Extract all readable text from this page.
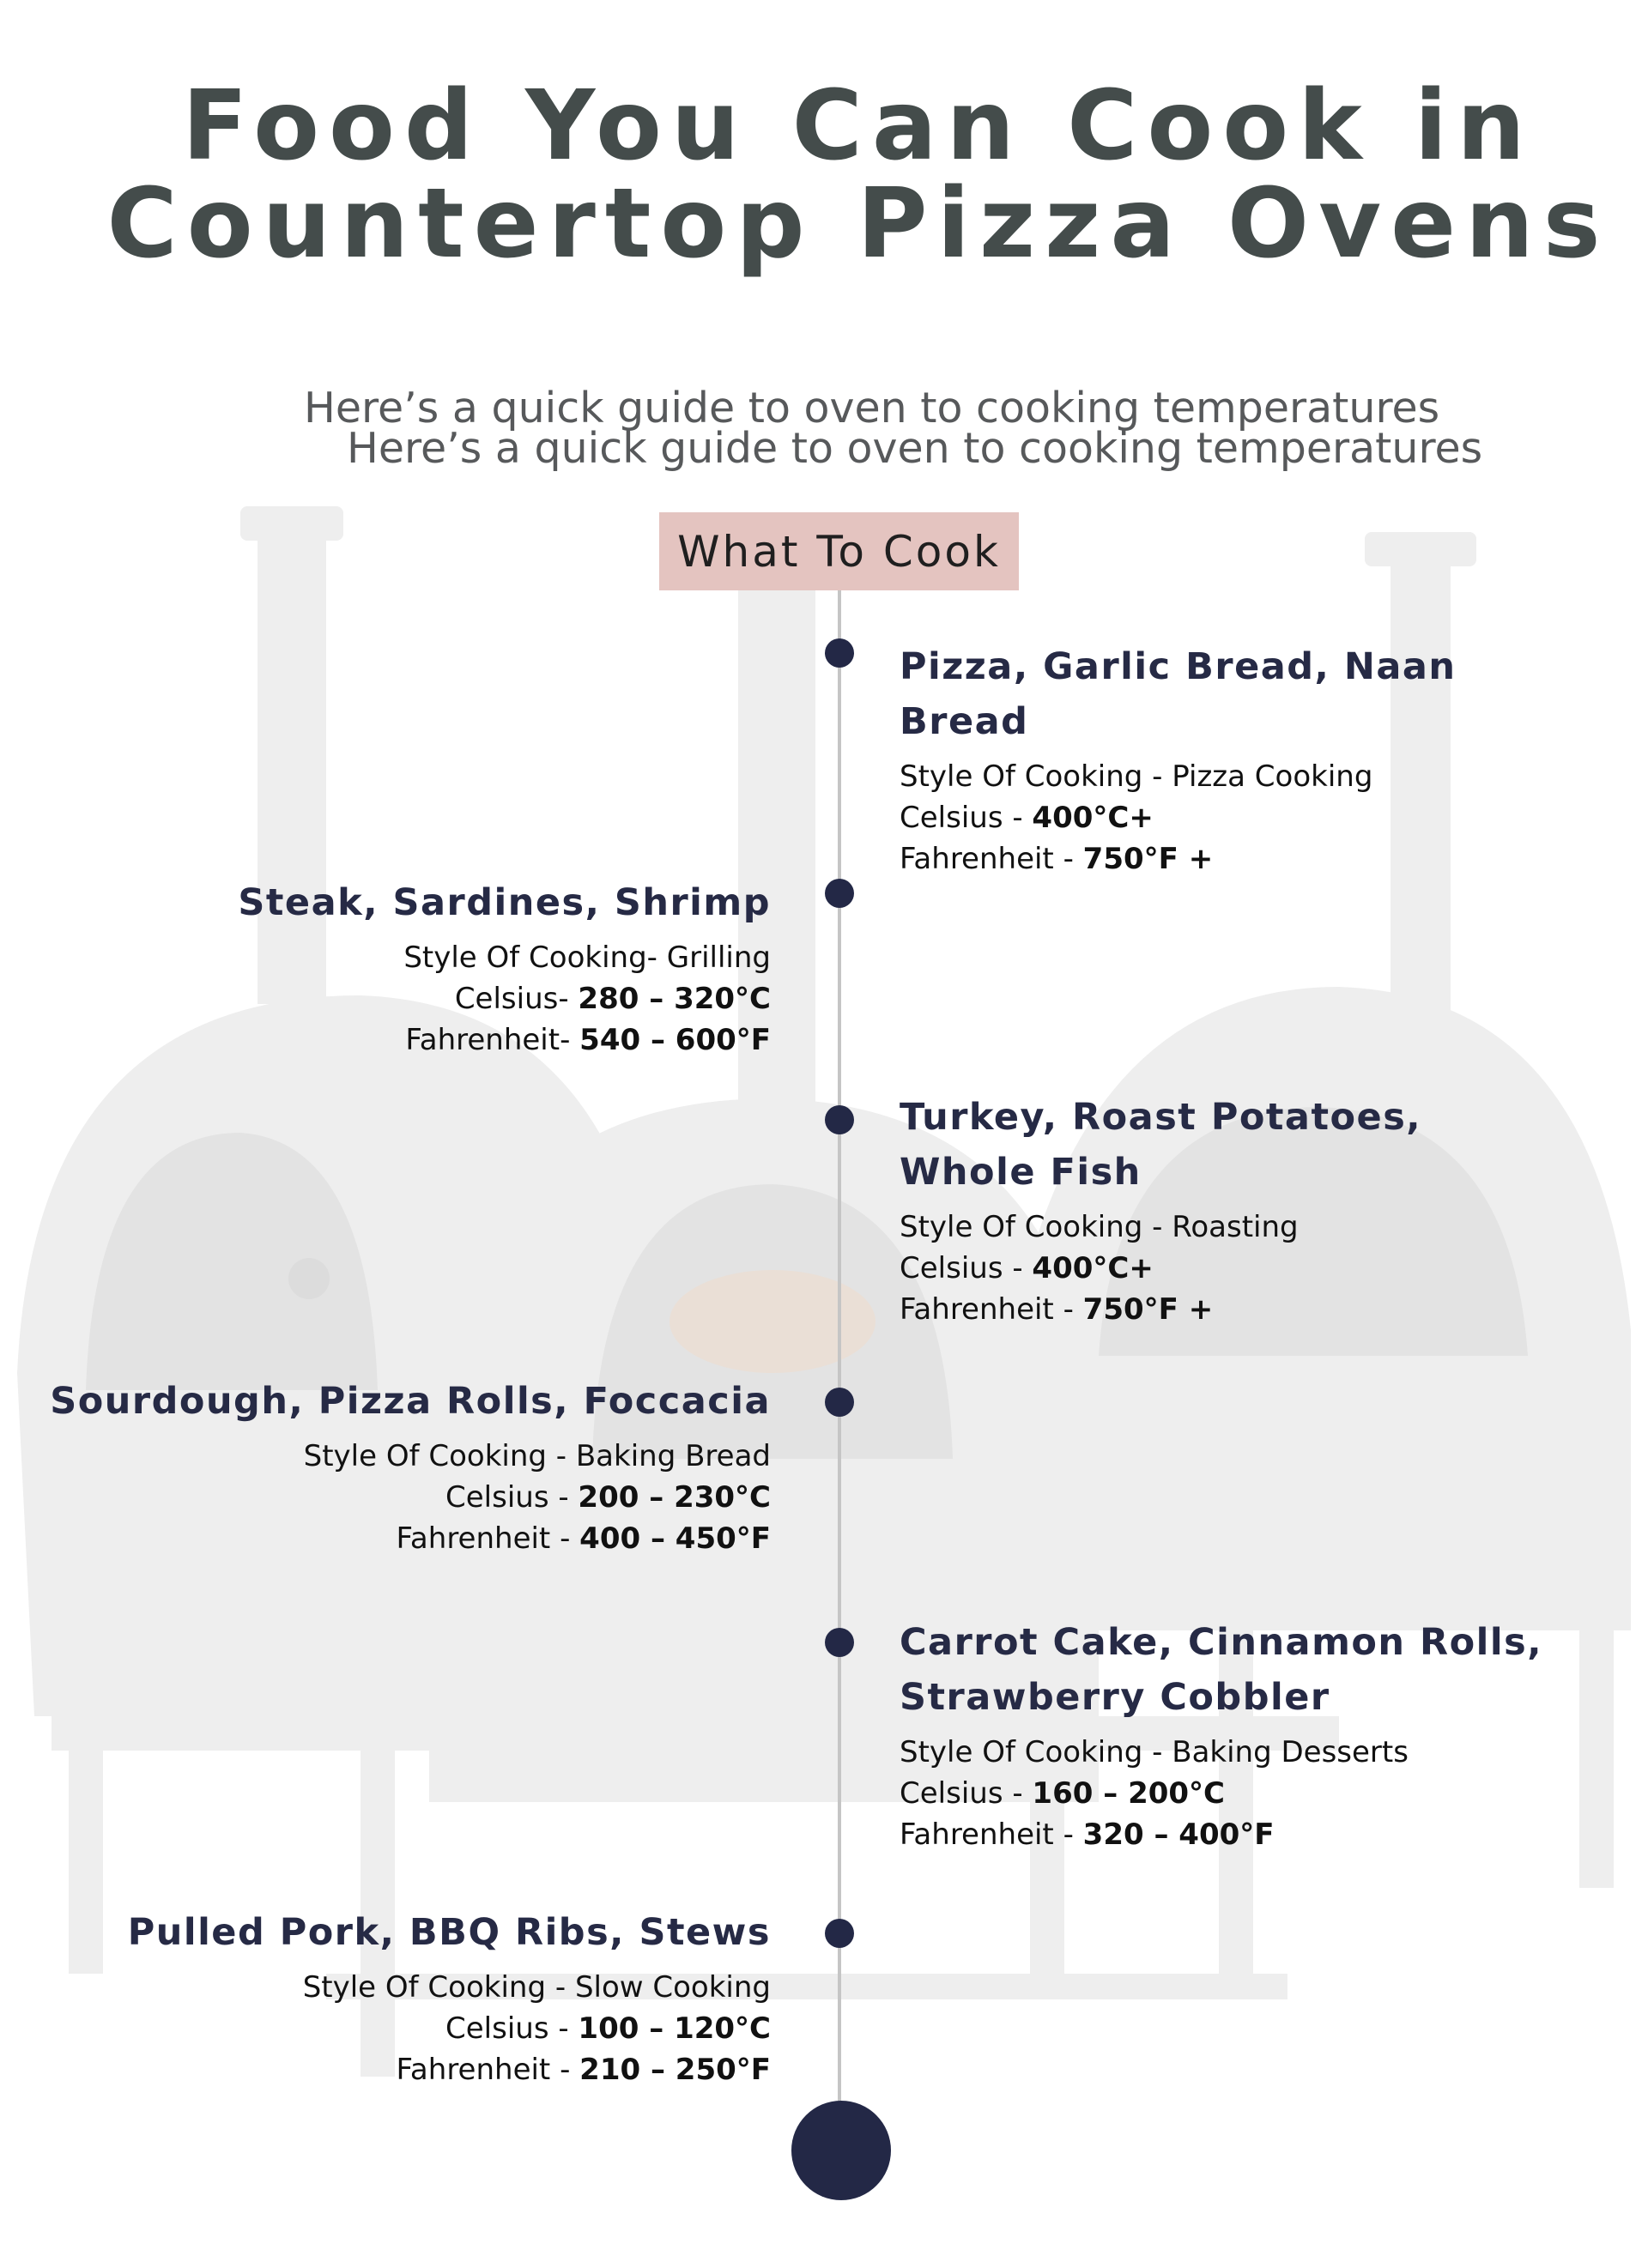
Food You Can Cook in
Countertop Pizza Ovens
Here’s a quick guide to oven to cooking temperatures
Here’s a quick guide to oven to cooking temperatures
What To Cook
Pizza, Garlic Bread, Naan Bread
Style Of Cooking - Pizza Cooking
Celsius - 400°C+
Fahrenheit - 750°F +
Steak, Sardines, Shrimp
Style Of Cooking- Grilling
Celsius- 280 – 320°C
Fahrenheit- 540 – 600°F
Turkey, Roast Potatoes, Whole Fish
Style Of Cooking - Roasting
Celsius - 400°C+
Fahrenheit - 750°F +
Sourdough, Pizza Rolls, Foccacia
Style Of Cooking - Baking Bread
Celsius - 200 – 230°C
Fahrenheit - 400 – 450°F
Carrot Cake, Cinnamon Rolls, Strawberry Cobbler
Style Of Cooking - Baking Desserts
Celsius - 160 – 200°C
Fahrenheit - 320 – 400°F
Pulled Pork, BBQ Ribs, Stews
Style Of Cooking - Slow Cooking
Celsius - 100 – 120°C
Fahrenheit - 210 – 250°F
